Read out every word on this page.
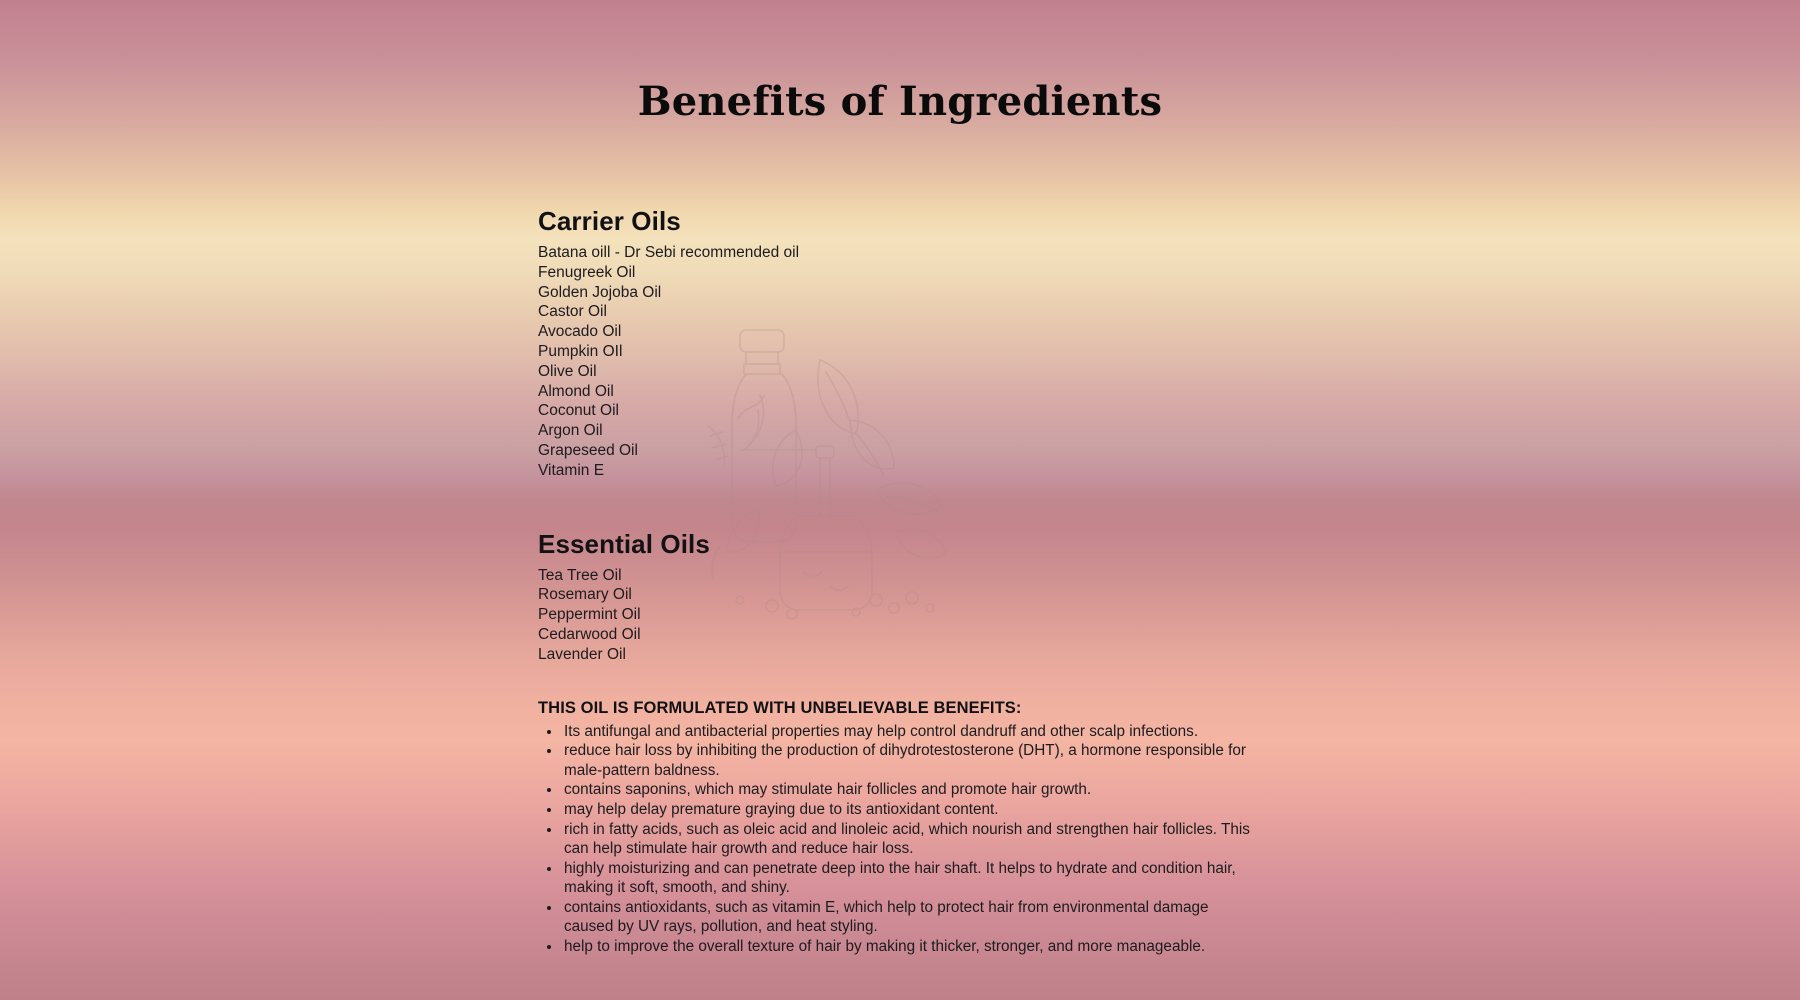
Benefits of Ingredients
Carrier Oils
Batana oill - Dr Sebi recommended oil
Fenugreek Oil
Golden Jojoba Oil
Castor Oil
Avocado Oil
Pumpkin OIl
Olive Oil
Almond Oil
Coconut Oil
Argon Oil
Grapeseed Oil
Vitamin E
Essential Oils
Tea Tree Oil
Rosemary Oil
Peppermint Oil
Cedarwood Oil
Lavender Oil
THIS OIL IS FORMULATED WITH UNBELIEVABLE BENEFITS:
• Its antifungal and antibacterial properties may help control dandruff and other scalp infections.
• reduce hair loss by inhibiting the production of dihydrotestosterone (DHT), a hormone responsible for male-pattern baldness.
• contains saponins, which may stimulate hair follicles and promote hair growth.
• may help delay premature graying due to its antioxidant content.
• rich in fatty acids, such as oleic acid and linoleic acid, which nourish and strengthen hair follicles. This can help stimulate hair growth and reduce hair loss.
• highly moisturizing and can penetrate deep into the hair shaft. It helps to hydrate and condition hair, making it soft, smooth, and shiny.
• contains antioxidants, such as vitamin E, which help to protect hair from environmental damage caused by UV rays, pollution, and heat styling.
• help to improve the overall texture of hair by making it thicker, stronger, and more manageable.
